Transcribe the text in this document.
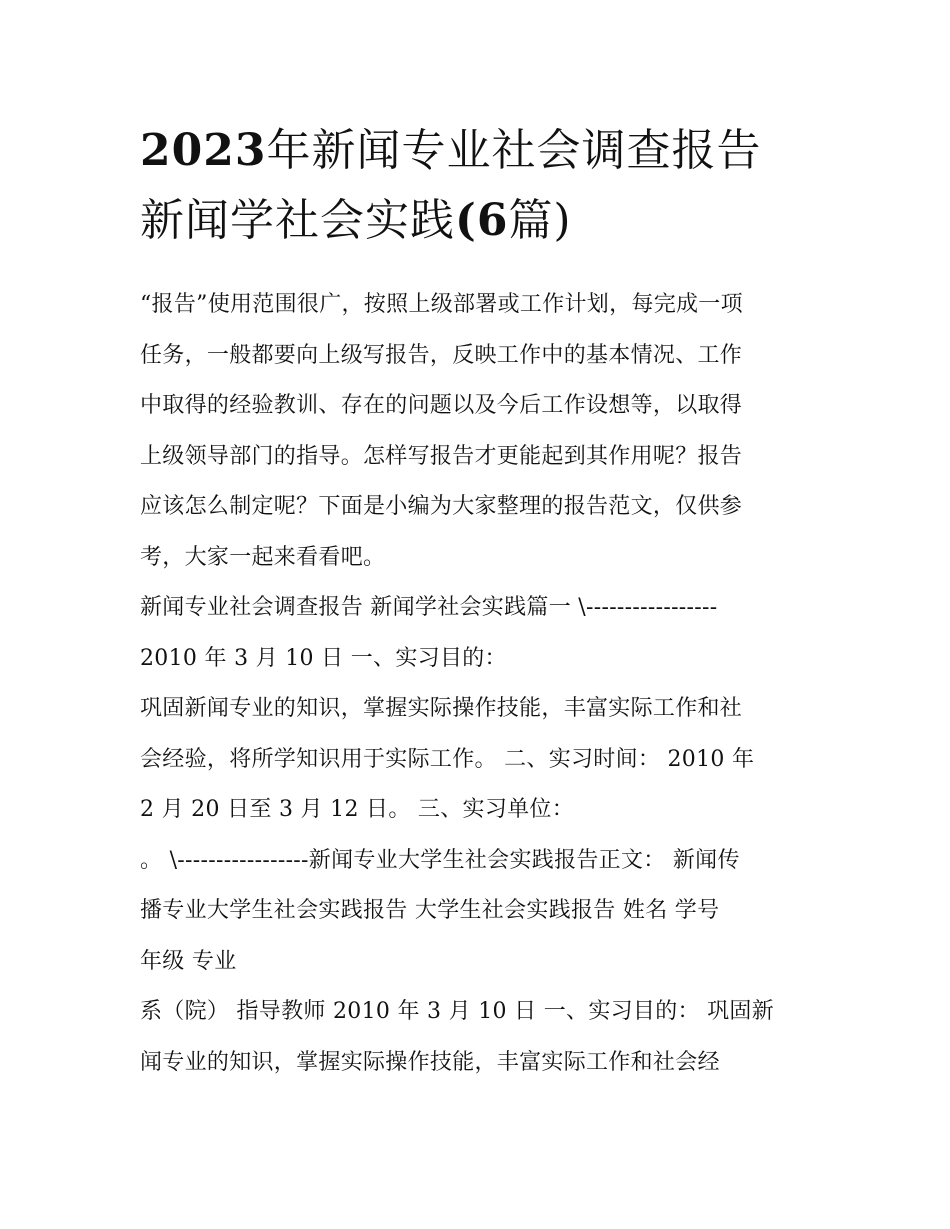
2023年新闻专业社会调查报告
新闻学社会实践(6篇)
“报告”使用范围很广，按照上级部署或工作计划，每完成一项
任务，一般都要向上级写报告，反映工作中的基本情况、工作
中取得的经验教训、存在的问题以及今后工作设想等，以取得
上级领导部门的指导。怎样写报告才更能起到其作用呢？报告
应该怎么制定呢？下面是小编为大家整理的报告范文，仅供参
考，大家一起来看看吧。
新闻专业社会调查报告 新闻学社会实践篇一 \-----------------
2010 年 3 月 10 日 一、实习目的：
巩固新闻专业的知识，掌握实际操作技能，丰富实际工作和社
会经验，将所学知识用于实际工作。 二、实习时间： 2010 年
2 月 20 日至 3 月 12 日。 三、实习单位：
。 \-----------------新闻专业大学生社会实践报告正文： 新闻传
播专业大学生社会实践报告 大学生社会实践报告 姓名 学号
年级 专业
系（院） 指导教师 2010 年 3 月 10 日 一、实习目的： 巩固新
闻专业的知识，掌握实际操作技能，丰富实际工作和社会经
